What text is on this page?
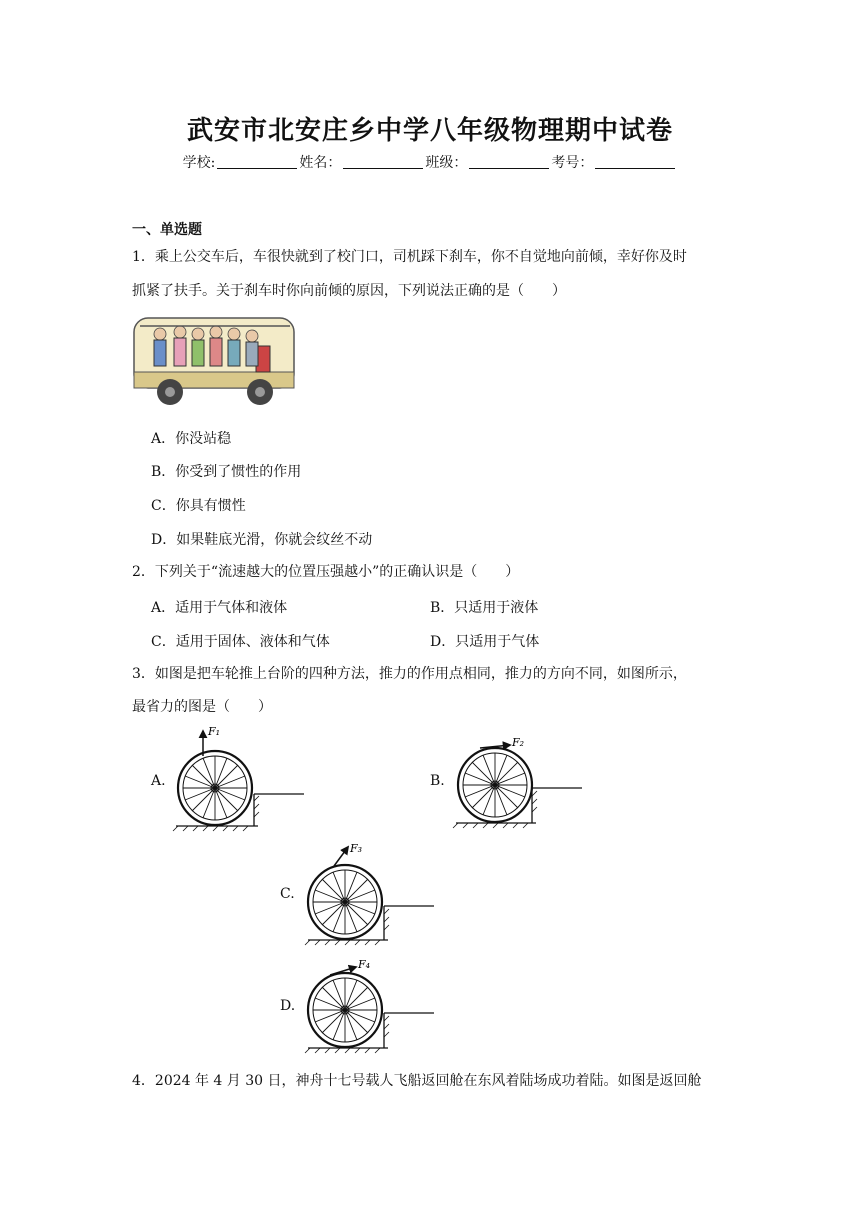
武安市北安庄乡中学八年级物理期中试卷
学校:	姓名：	班级：	考号：
一、单选题
1．乘上公交车后，车很快就到了校门口，司机踩下刹车，你不自觉地向前倾，幸好你及时
抓紧了扶手。关于刹车时你向前倾的原因，下列说法正确的是（　　）
A．你没站稳
B．你受到了惯性的作用
C．你具有惯性
D．如果鞋底光滑，你就会纹丝不动
2．下列关于“流速越大的位置压强越小”的正确认识是（　　）
A．适用于气体和液体	B．只适用于液体
C．适用于固体、液体和气体	D．只适用于气体
3．如图是把车轮推上台阶的四种方法，推力的作用点相同，推力的方向不同，如图所示，
最省力的图是（　　）
A.	B.
C.
D.
F₁
F₂
F₃
F₄
4．2024 年 4 月 30 日，神舟十七号载人飞船返回舱在东风着陆场成功着陆。如图是返回舱
